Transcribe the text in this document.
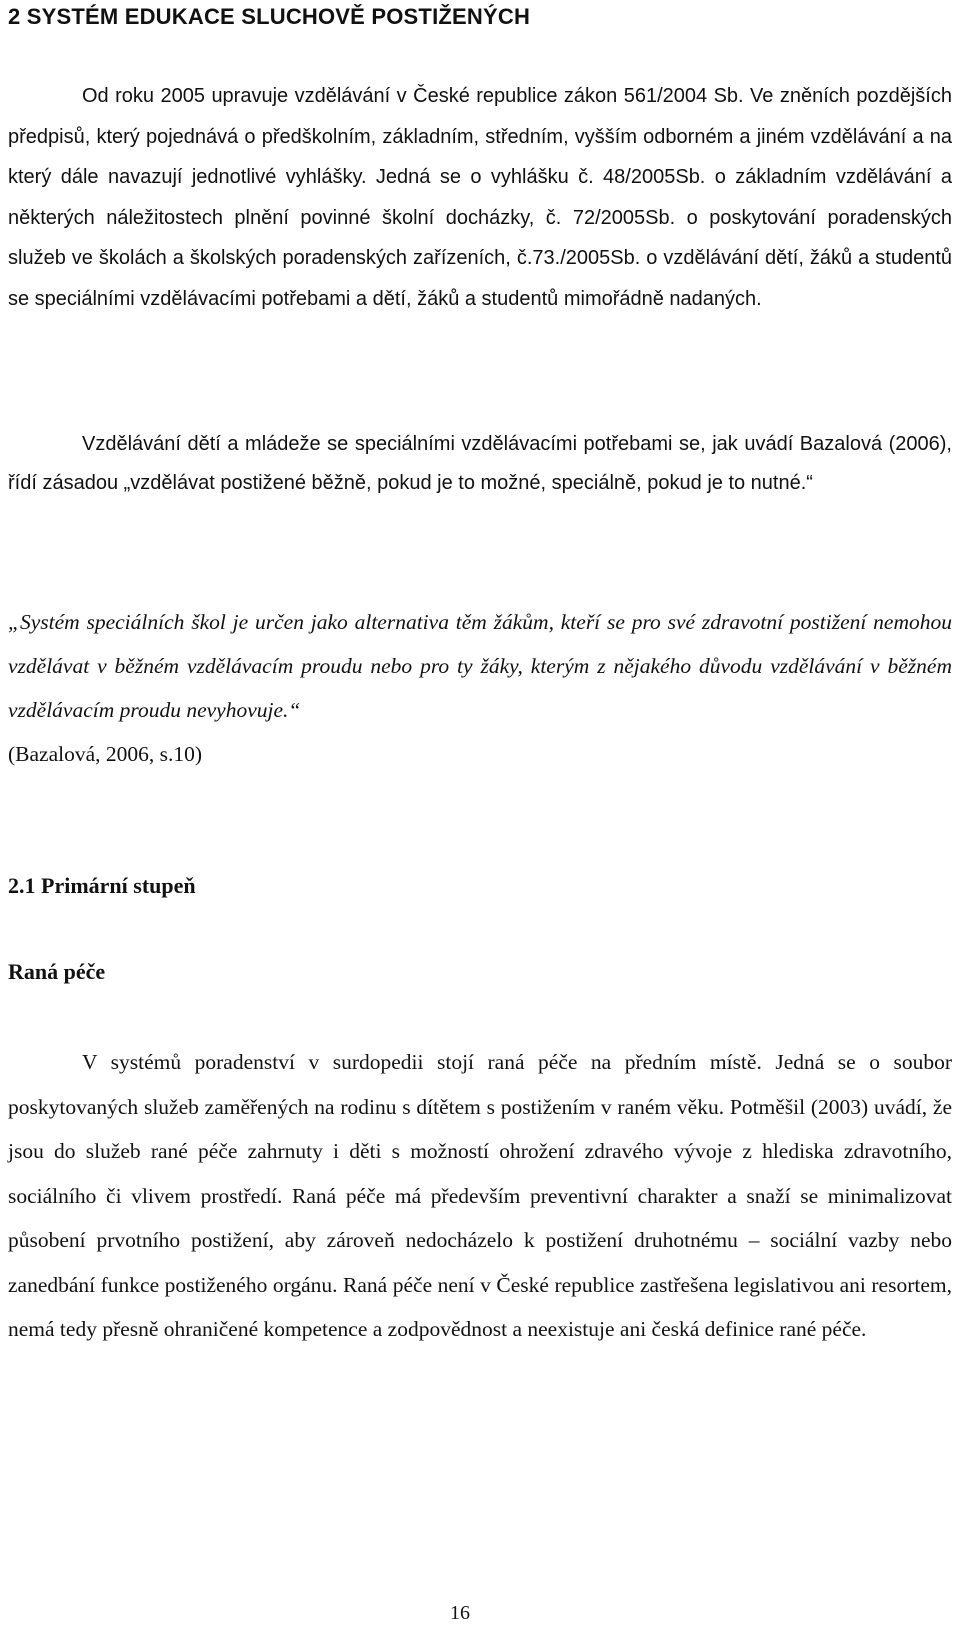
2 SYSTÉM EDUKACE SLUCHOVĚ POSTIŽENÝCH

Od roku 2005 upravuje vzdělávání v České republice zákon 561/2004 Sb. Ve zněních pozdějších předpisů, který pojednává o předškolním, základním, středním, vyšším odborném a jiném vzdělávání a na který dále navazují jednotlivé vyhlášky. Jedná se o vyhlášku č. 48/2005Sb. o základním vzdělávání a některých náležitostech plnění povinné školní docházky, č. 72/2005Sb. o poskytování poradenských služeb ve školách a školských poradenských zařízeních, č.73./2005Sb. o vzdělávání dětí, žáků a studentů se speciálními vzdělávacími potřebami a dětí, žáků a studentů mimořádně nadaných.

Vzdělávání dětí a mládeže se speciálními vzdělávacími potřebami se, jak uvádí Bazalová (2006), řídí zásadou „vzdělávat postižené běžně, pokud je to možné, speciálně, pokud je to nutné.“

„Systém speciálních škol je určen jako alternativa těm žákům, kteří se pro své zdravotní postižení nemohou vzdělávat v běžném vzdělávacím proudu nebo pro ty žáky, kterým z nějakého důvodu vzdělávání v běžném vzdělávacím proudu nevyhovuje.“

(Bazalová, 2006, s.10)

2.1 Primární stupeň
Raná péče

V systémů poradenství v surdopedii stojí raná péče na předním místě. Jedná se o soubor poskytovaných služeb zaměřených na rodinu s dítětem s postižením v raném věku. Potměšil (2003) uvádí, že jsou do služeb rané péče zahrnuty i děti s možností ohrožení zdravého vývoje z hlediska zdravotního, sociálního či vlivem prostředí. Raná péče má především preventivní charakter a snaží se minimalizovat působení prvotního postižení, aby zároveň nedocházelo k postižení druhotnému – sociální vazby nebo zanedbání funkce postiženého orgánu. Raná péče není v České republice zastřešena legislativou ani resortem, nemá tedy přesně ohraničené kompetence a zodpovědnost a neexistuje ani česká definice rané péče.

16
